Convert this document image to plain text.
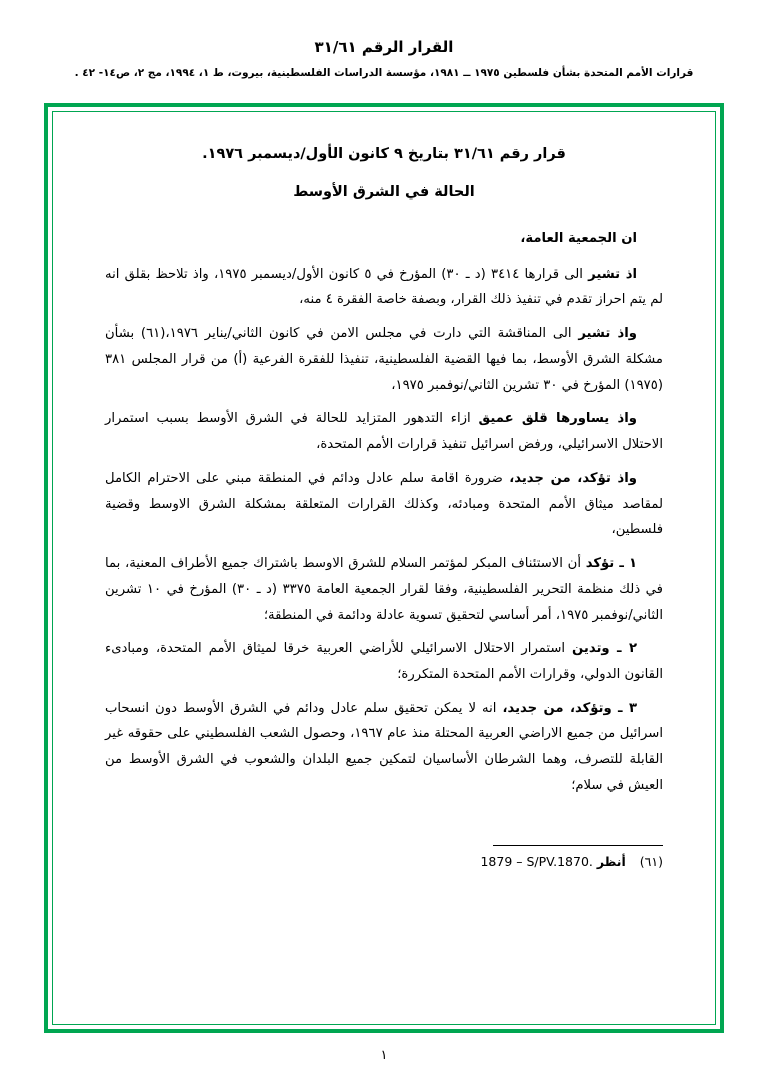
القرار الرقم ٣١/٦١
قرارات الأمم المتحدة بشأن فلسطين ١٩٧٥ ــ ١٩٨١، مؤسسة الدراسات الفلسطينية، بيروت، ط ١، ١٩٩٤، مج ٢، ص١٤- ٤٢ .
قرار رقم ٣١/٦١ بتاريخ ٩ كانون الأول/ديسمبر ١٩٧٦.
الحالة في الشرق الأوسط

ان الجمعية العامة،

اذ تشير الى قرارها ٣٤١٤ (د ـ ٣٠) المؤرخ في ٥ كانون الأول/ديسمبر ١٩٧٥، واذ تلاحظ بقلق انه لم يتم احراز تقدم في تنفيذ ذلك القرار، وبصفة خاصة الفقرة ٤ منه،

واذ تشير الى المناقشة التي دارت في مجلس الامن في كانون الثاني/يناير ١٩٧٦،(٦١) بشأن مشكلة الشرق الأوسط، بما فيها القضية الفلسطينية، تنفيذا للفقرة الفرعية (أ) من قرار المجلس ٣٨١ (١٩٧٥) المؤرخ في ٣٠ تشرين الثاني/نوفمبر ١٩٧٥،

واذ يساورها قلق عميق ازاء التدهور المتزايد للحالة في الشرق الأوسط بسبب استمرار الاحتلال الاسرائيلي، ورفض اسرائيل تنفيذ قرارات الأمم المتحدة،

واذ تؤكد، من جديد، ضرورة اقامة سلم عادل ودائم في المنطقة مبني على الاحترام الكامل لمقاصد ميثاق الأمم المتحدة ومبادئه، وكذلك القرارات المتعلقة بمشكلة الشرق الاوسط وقضية فلسطين،

١ ـ تؤكد أن الاستئناف المبكر لمؤتمر السلام للشرق الاوسط باشتراك جميع الأطراف المعنية، بما في ذلك منظمة التحرير الفلسطينية، وفقا لقرار الجمعية العامة ٣٣٧٥ (د ـ ٣٠) المؤرخ في ١٠ تشرين الثاني/نوفمبر ١٩٧٥، أمر أساسي لتحقيق تسوية عادلة ودائمة في المنطقة؛

٢ ـ وتدين استمرار الاحتلال الاسرائيلي للأراضي العربية خرقا لميثاق الأمم المتحدة، ومبادىء القانون الدولي، وقرارات الأمم المتحدة المتكررة؛

٣ ـ وتؤكد، من جديد، انه لا يمكن تحقيق سلم عادل ودائم في الشرق الأوسط دون انسحاب اسرائيل من جميع الاراضي العربية المحتلة منذ عام ١٩٦٧، وحصول الشعب الفلسطيني على حقوقه غير القابلة للتصرف، وهما الشرطان الأساسيان لتمكين جميع البلدان والشعوب في الشرق الأوسط من العيش في سلام؛

(٦١) أنظر 1879 – S/PV.1870.
١
